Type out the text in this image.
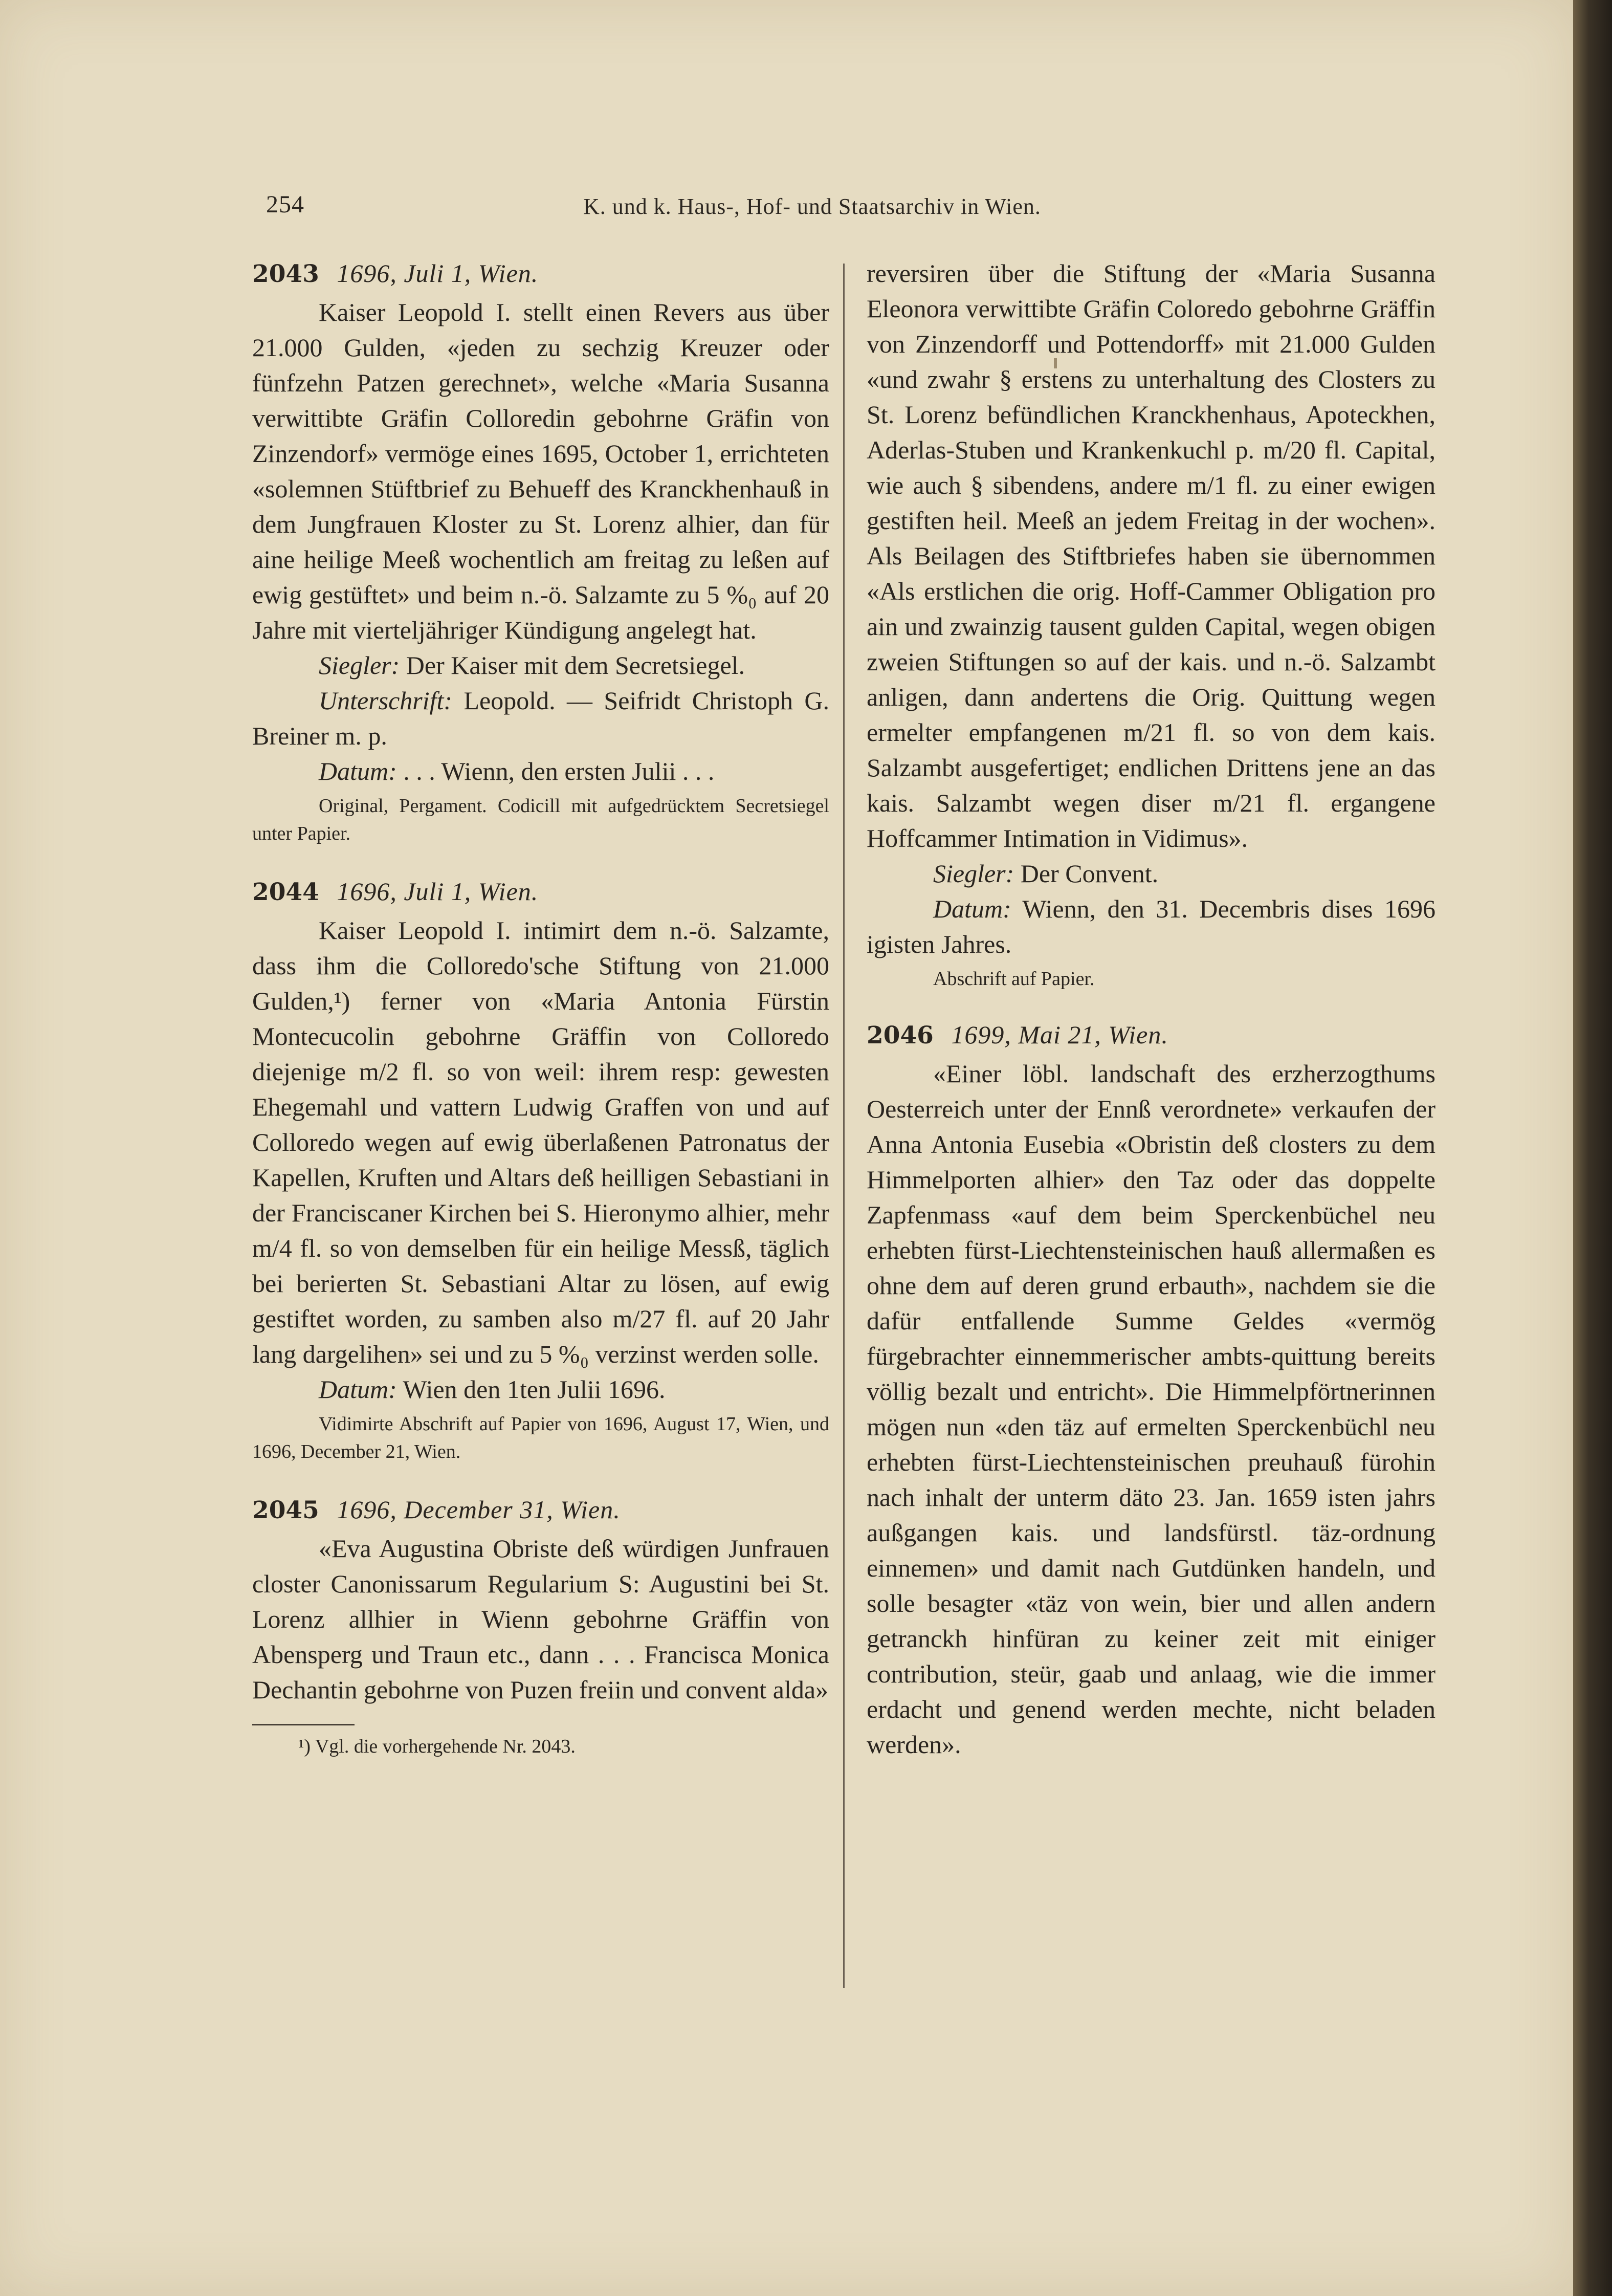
254	K. und k. Haus-, Hof- und Staatsarchiv in Wien.
2043 1696, Juli 1, Wien.

Kaiser Leopold I. stellt einen Revers aus über 21.000 Gulden, «jeden zu sechzig Kreuzer oder fünfzehn Patzen gerechnet», welche «Maria Susanna verwittibte Gräfin Colloredin gebohrne Gräfin von Zinzendorf» vermöge eines 1695, October 1, errichteten «solemnen Stüftbrief zu Behueff des Kranckhenhauß in dem Jungfrauen Kloster zu St. Lorenz alhier, dan für aine heilige Meeß wochentlich am freitag zu leßen auf ewig gestüftet» und beim n.-ö. Salzamte zu 5 %₀ auf 20 Jahre mit vierteljähriger Kündigung angelegt hat.

Siegler: Der Kaiser mit dem Secretsiegel.

Unterschrift: Leopold. — Seifridt Christoph G. Breiner m. p.

Datum: . . . Wienn, den ersten Julii . . .

Original, Pergament. Codicill mit aufgedrücktem Secretsiegel unter Papier.
2044 1696, Juli 1, Wien.

Kaiser Leopold I. intimirt dem n.-ö. Salzamte, dass ihm die Colloredo'sche Stiftung von 21.000 Gulden,¹) ferner von «Maria Antonia Fürstin Montecucolin gebohrne Gräffin von Colloredo diejenige m/2 fl. so von weil: ihrem resp: gewesten Ehegemahl und vattern Ludwig Graffen von und auf Colloredo wegen auf ewig überlaßenen Patronatus der Kapellen, Kruften und Altars deß heilligen Sebastiani in der Franciscaner Kirchen bei S. Hieronymo alhier, mehr m/4 fl. so von demselben für ein heilige Messß, täglich bei berierten St. Sebastiani Altar zu lösen, auf ewig gestiftet worden, zu samben also m/27 fl. auf 20 Jahr lang dargelihen» sei und zu 5 %₀ verzinst werden solle.

Datum: Wien den 1ten Julii 1696.

Vidimirte Abschrift auf Papier von 1696, August 17, Wien, und 1696, December 21, Wien.
2045 1696, December 31, Wien.

«Eva Augustina Obriste deß würdigen Junfrauen closter Canonissarum Regularium S: Augustini bei St. Lorenz allhier in Wienn gebohrne Gräffin von Abensperg und Traun etc., dann . . . Francisca Monica Dechantin gebohrne von Puzen freiin und convent alda»

¹) Vgl. die vorhergehende Nr. 2043.

reversiren über die Stiftung der «Maria Susanna Eleonora verwittibte Gräfin Coloredo gebohrne Gräffin von Zinzendorff und Pottendorff» mit 21.000 Gulden «und zwahr § erstens zu unterhaltung des Closters zu St. Lorenz befündlichen Kranckhenhaus, Apoteckhen, Aderlas-Stuben und Krankenkuchl p. m/20 fl. Capital, wie auch § sibendens, andere m/1 fl. zu einer ewigen gestiften heil. Meeß an jedem Freitag in der wochen». Als Beilagen des Stiftbriefes haben sie übernommen «Als erstlichen die orig. Hoff-Cammer Obligation pro ain und zwainzig tausent gulden Capital, wegen obigen zweien Stiftungen so auf der kais. und n.-ö. Salzambt anligen, dann andertens die Orig. Quittung wegen ermelter empfangenen m/21 fl. so von dem kais. Salzambt ausgefertiget; endlichen Drittens jene an das kais. Salzambt wegen diser m/21 fl. ergangene Hoffcammer Intimation in Vidimus».

Siegler: Der Convent.

Datum: Wienn, den 31. Decembris dises 1696 igisten Jahres.

Abschrift auf Papier.
2046 1699, Mai 21, Wien.

«Einer löbl. landschaft des erzherzogthums Oesterreich unter der Ennß verordnete» verkaufen der Anna Antonia Eusebia «Obristin deß closters zu dem Himmelporten alhier» den Taz oder das doppelte Zapfenmass «auf dem beim Sperckenbüchel neu erhebten fürst-Liechtensteinischen hauß allermaßen es ohne dem auf deren grund erbauth», nachdem sie die dafür entfallende Summe Geldes «vermög fürgebrachter einnemmerischer ambts-quittung bereits völlig bezalt und entricht». Die Himmelpförtnerinnen mögen nun «den täz auf ermelten Sperckenbüchl neu erhebten fürst-Liechtensteinischen preuhauß fürohin nach inhalt der unterm däto 23. Jan. 1659 isten jahrs außgangen kais. und landsfürstl. täz-ordnung einnemen» und damit nach Gutdünken handeln, und solle besagter «täz von wein, bier und allen andern getranckh hinfüran zu keiner zeit mit einiger contribution, steür, gaab und anlaag, wie die immer erdacht und genend werden mechte, nicht beladen werden».
